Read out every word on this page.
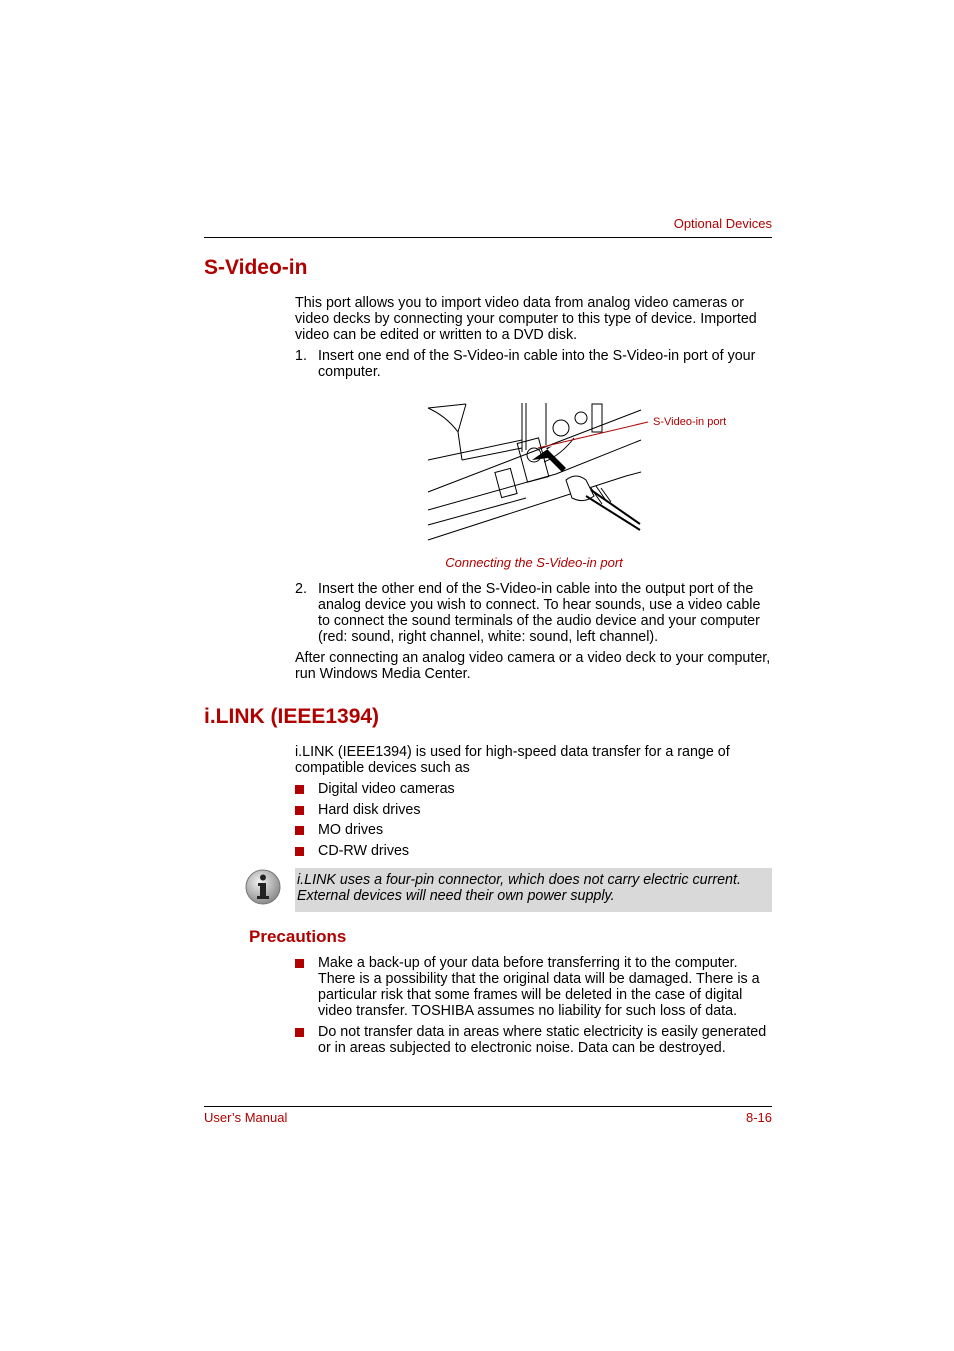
Optional Devices
S-Video-in
This port allows you to import video data from analog video cameras or video decks by connecting your computer to this type of device. Imported video can be edited or written to a DVD disk.
1. Insert one end of the S-Video-in cable into the S-Video-in port of your computer.
S-Video-in port
Connecting the S-Video-in port
2. Insert the other end of the S-Video-in cable into the output port of the analog device you wish to connect. To hear sounds, use a video cable to connect the sound terminals of the audio device and your computer (red: sound, right channel, white: sound, left channel).
After connecting an analog video camera or a video deck to your computer, run Windows Media Center.
i.LINK (IEEE1394)
i.LINK (IEEE1394) is used for high-speed data transfer for a range of compatible devices such as
Digital video cameras
Hard disk drives
MO drives
CD-RW drives
i.LINK uses a four-pin connector, which does not carry electric current. External devices will need their own power supply.
Precautions
Make a back-up of your data before transferring it to the computer. There is a possibility that the original data will be damaged. There is a particular risk that some frames will be deleted in the case of digital video transfer. TOSHIBA assumes no liability for such loss of data.
Do not transfer data in areas where static electricity is easily generated or in areas subjected to electronic noise. Data can be destroyed.
User’s Manual	8-16
